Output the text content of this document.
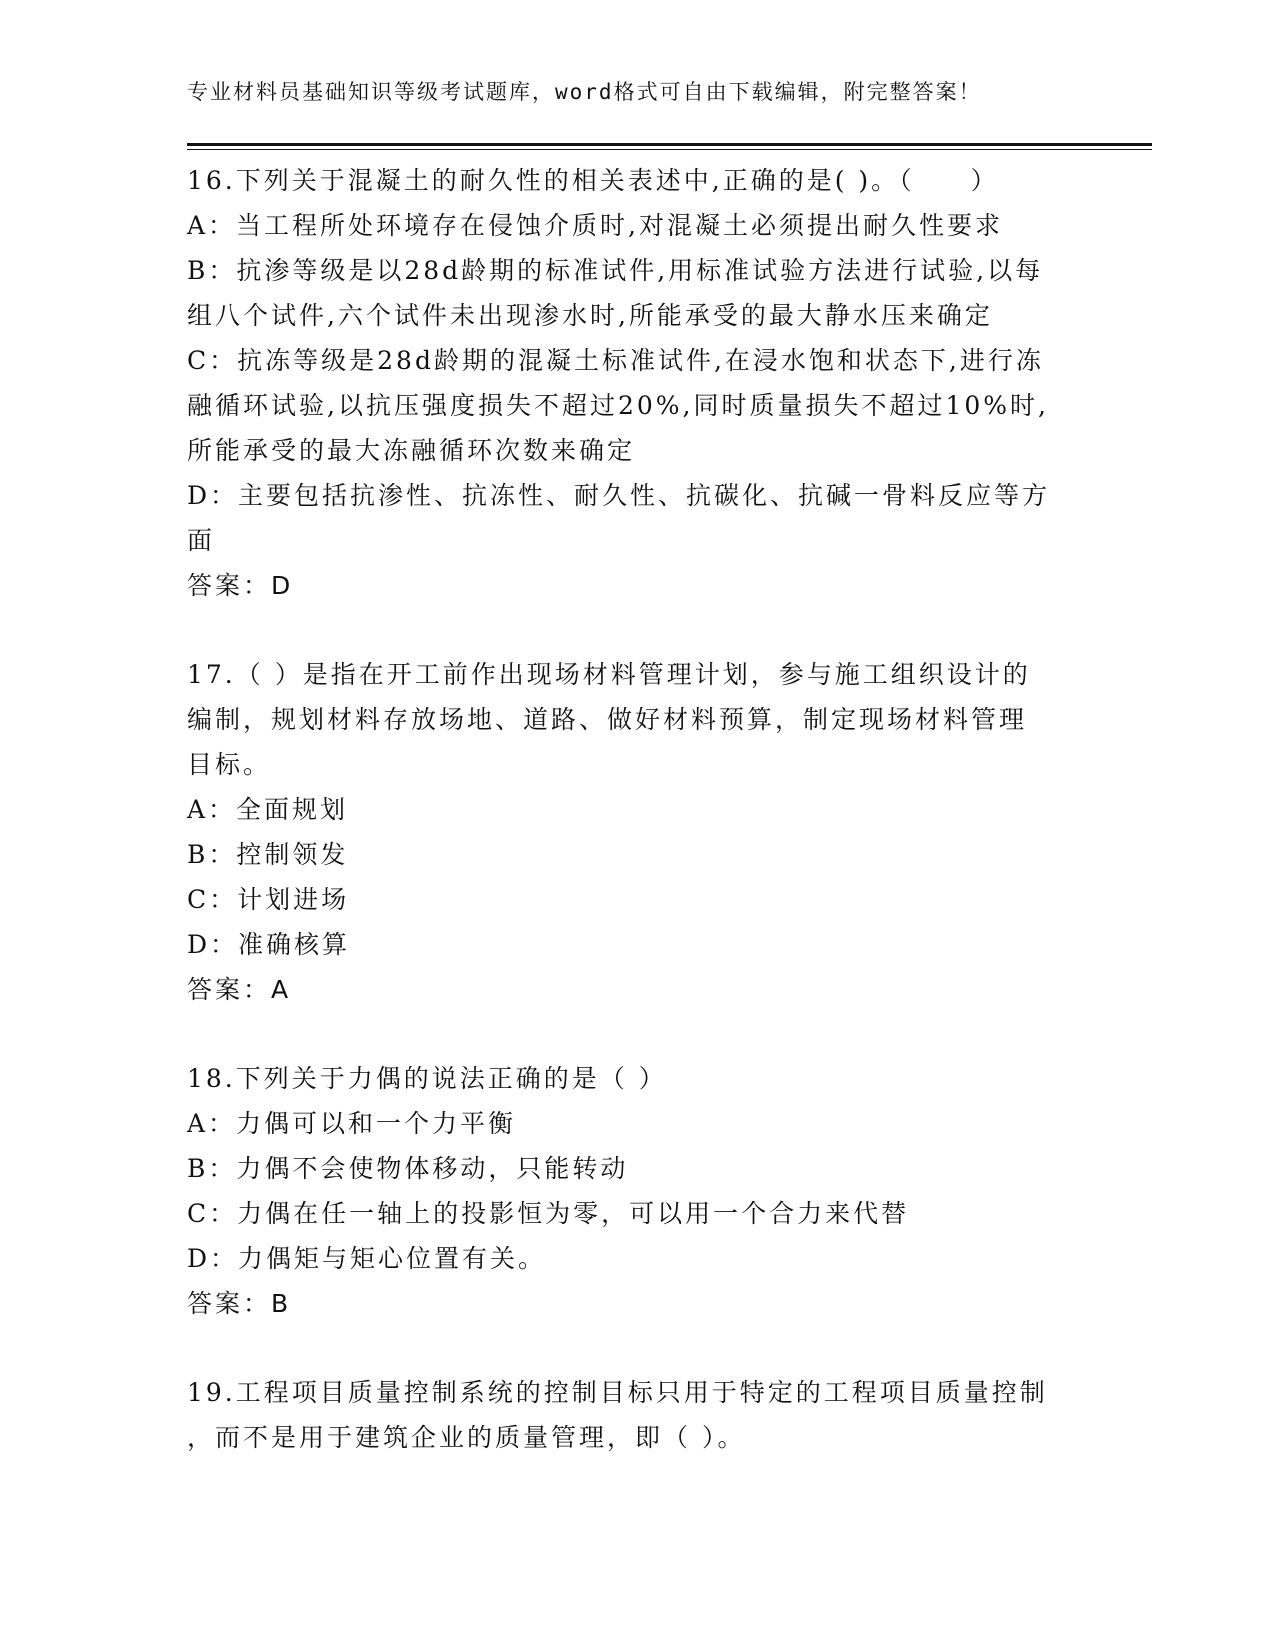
专业材料员基础知识等级考试题库，word格式可自由下载编辑，附完整答案！
16.下列关于混凝土的耐久性的相关表述中,正确的是( )。（　　）
A：当工程所处环境存在侵蚀介质时,对混凝土必须提出耐久性要求
B：抗渗等级是以28d龄期的标准试件,用标准试验方法进行试验,以每
组八个试件,六个试件未出现渗水时,所能承受的最大静水压来确定
C：抗冻等级是28d龄期的混凝土标准试件,在浸水饱和状态下,进行冻
融循环试验,以抗压强度损失不超过20%,同时质量损失不超过10%时,
所能承受的最大冻融循环次数来确定
D：主要包括抗渗性、抗冻性、耐久性、抗碳化、抗碱一骨料反应等方
面
答案：D
17.（ ）是指在开工前作出现场材料管理计划，参与施工组织设计的
编制，规划材料存放场地、道路、做好材料预算，制定现场材料管理
目标。
A：全面规划
B：控制领发
C：计划进场
D：准确核算
答案：A
18.下列关于力偶的说法正确的是（ ）
A：力偶可以和一个力平衡
B：力偶不会使物体移动，只能转动
C：力偶在任一轴上的投影恒为零，可以用一个合力来代替
D：力偶矩与矩心位置有关。
答案：B
19.工程项目质量控制系统的控制目标只用于特定的工程项目质量控制
，而不是用于建筑企业的质量管理，即（ ）。
